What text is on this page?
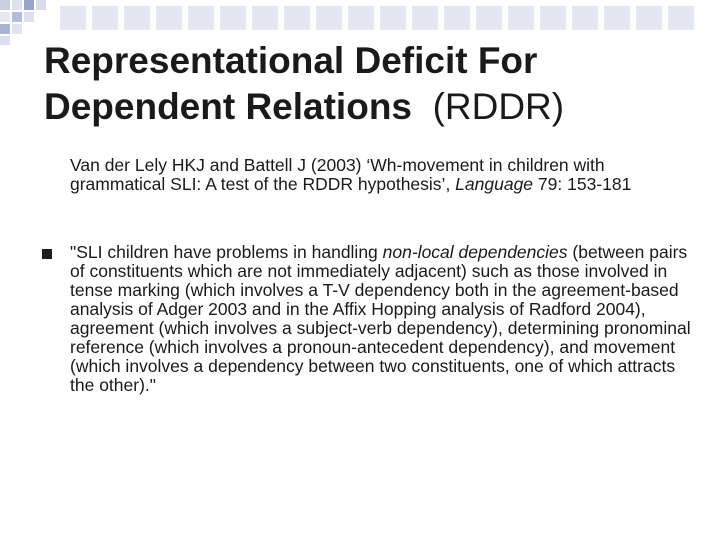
Representational Deficit For Dependent Relations (RDDR)
Van der Lely HKJ and Battell J (2003) ‘Wh-movement in children with grammatical SLI: A test of the RDDR hypothesis’, Language 79: 153-181
"SLI children have problems in handling non-local dependencies (between pairs of constituents which are not immediately adjacent) such as those involved in tense marking (which involves a T-V dependency both in the agreement-based analysis of Adger 2003 and in the Affix Hopping analysis of Radford 2004), agreement (which involves a subject-verb dependency), determining pronominal reference (which involves a pronoun-antecedent dependency), and movement (which involves a dependency between two constituents, one of which attracts the other)."
